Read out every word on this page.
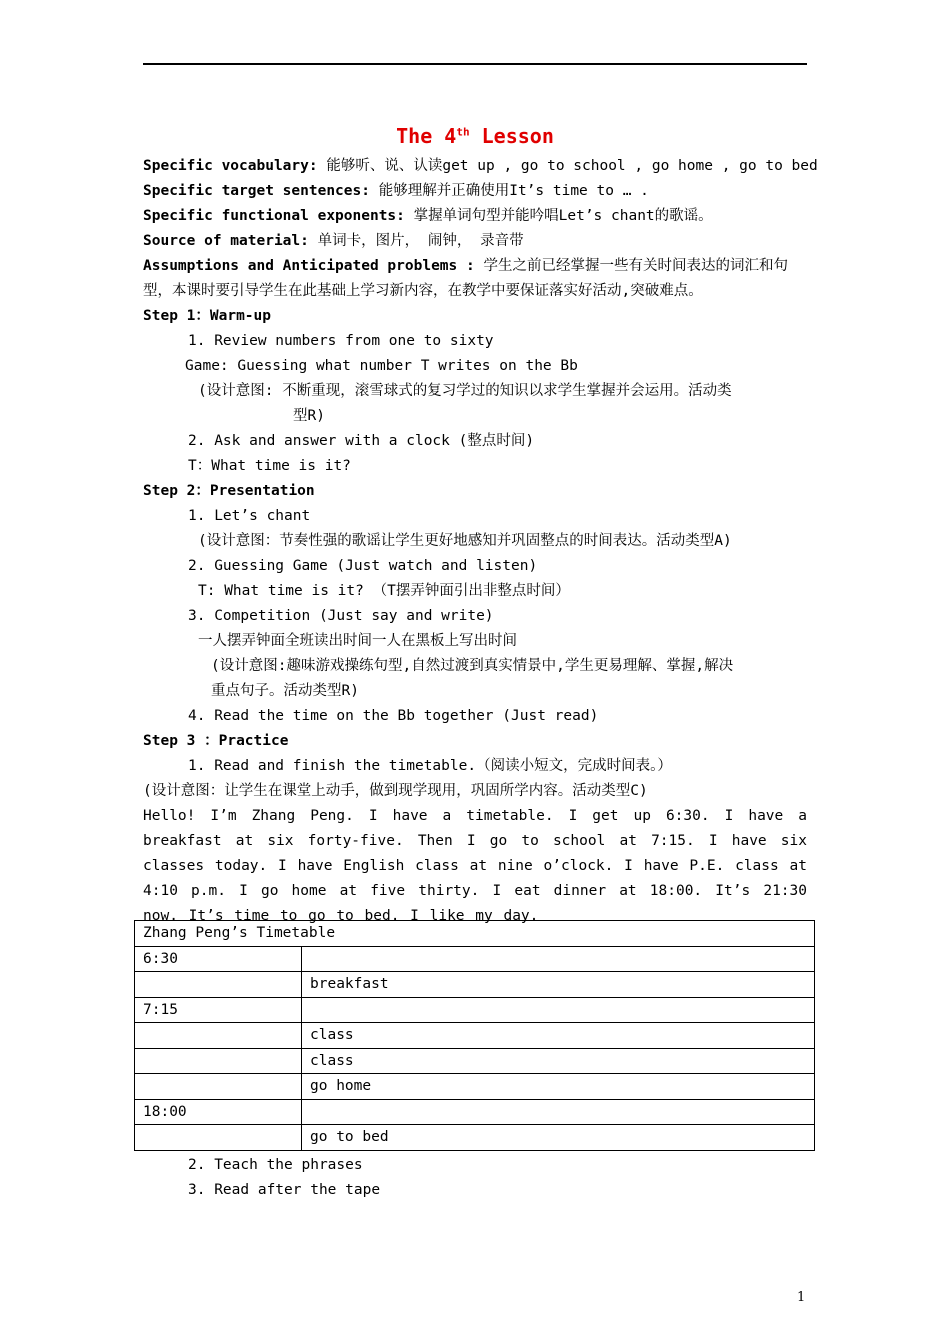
The 4th Lesson
Specific vocabulary: 能够听、说、认读get up , go to school , go home , go to bed
Specific target sentences: 能够理解并正确使用It’s time to … .
Specific functional exponents: 掌握单词句型并能吟唱Let’s chant的歌谣。
Source of material: 单词卡，图片， 闹钟， 录音带
Assumptions and Anticipated problems : 学生之前已经掌握一些有关时间表达的词汇和句型，本课时要引导学生在此基础上学习新内容，在教学中要保证落实好活动,突破难点。
Step 1：Warm-up
1. Review numbers from one to sixty
Game: Guessing what number T writes on the Bb
(设计意图: 不断重现，滚雪球式的复习学过的知识以求学生掌握并会运用。活动类
型R)
2. Ask and answer with a clock (整点时间)
T：What time is it?
Step 2：Presentation
1. Let’s chant
(设计意图：节奏性强的歌谣让学生更好地感知并巩固整点的时间表达。活动类型A)
2. Guessing Game (Just watch and listen)
T: What time is it? （T摆弄钟面引出非整点时间）
3. Competition (Just say and write)
一人摆弄钟面全班读出时间一人在黑板上写出时间
(设计意图:趣味游戏操练句型,自然过渡到真实情景中,学生更易理解、掌握,解决
重点句子。活动类型R)
4. Read the time on the Bb together (Just read)
Step 3 ：Practice
1. Read and finish the timetable.（阅读小短文，完成时间表。）
(设计意图：让学生在课堂上动手，做到现学现用，巩固所学内容。活动类型C)
Hello! I’m Zhang Peng. I have a timetable. I get up 6:30. I have a breakfast at six forty-five. Then I go to school at 7:15. I have six classes today. I have English class at nine o’clock. I have P.E. class at 4:10 p.m. I go home at five thirty. I eat dinner at 18:00. It’s 21:30 now. It’s time to go to bed. I like my day.
Zhang Peng’s Timetable	
6:30	
	breakfast
7:15	
	class
	class
	go home
18:00	
	go to bed
2. Teach the phrases
3. Read after the tape
1
